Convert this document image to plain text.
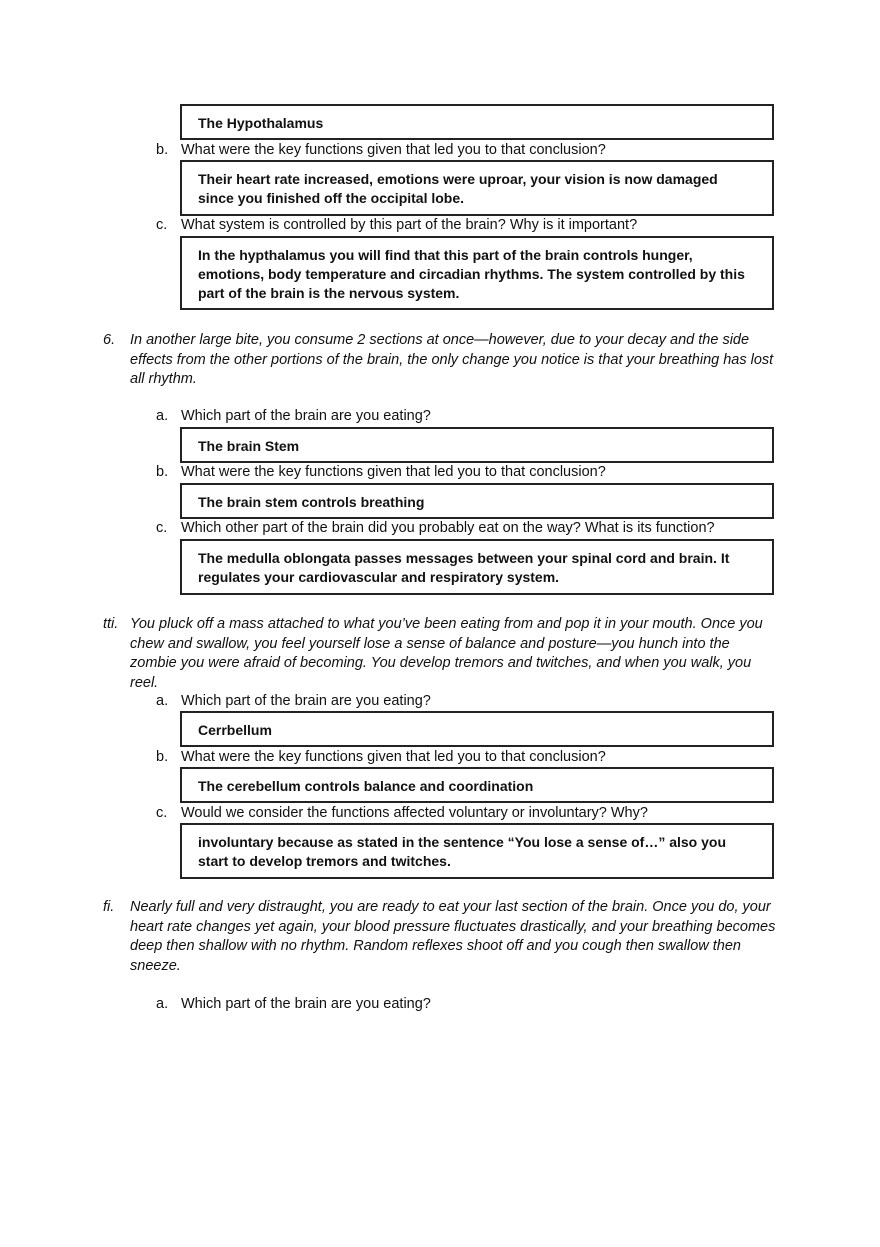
The Hypothalamus
b. What were the key functions given that led you to that conclusion?
Their heart rate increased, emotions were uproar, your vision is now damaged since you finished off the occipital lobe.
c. What system is controlled by this part of the brain? Why is it important?
In the hypthalamus you will find that this part of the brain controls hunger, emotions, body temperature and circadian rhythms. The system controlled by this part of the brain is the nervous system.
6. In another large bite, you consume 2 sections at once—however, due to your decay and the side effects from the other portions of the brain, the only change you notice is that your breathing has lost all rhythm.
a. Which part of the brain are you eating?
The brain Stem
b. What were the key functions given that led you to that conclusion?
The brain stem controls breathing
c. Which other part of the brain did you probably eat on the way? What is its function?
The medulla oblongata passes messages between your spinal cord and brain. It regulates your cardiovascular and respiratory system.
tti. You pluck off a mass attached to what you’ve been eating from and pop it in your mouth. Once you chew and swallow, you feel yourself lose a sense of balance and posture—you hunch into the zombie you were afraid of becoming. You develop tremors and twitches, and when you walk, you reel.
a. Which part of the brain are you eating?
Cerrbellum
b. What were the key functions given that led you to that conclusion?
The cerebellum controls balance and coordination
c. Would we consider the functions affected voluntary or involuntary? Why?
involuntary because as stated in the sentence “You lose a sense of…” also you start to develop tremors and twitches.
fi. Nearly full and very distraught, you are ready to eat your last section of the brain. Once you do, your heart rate changes yet again, your blood pressure fluctuates drastically, and your breathing becomes deep then shallow with no rhythm. Random reflexes shoot off and you cough then swallow then sneeze.
a. Which part of the brain are you eating?
